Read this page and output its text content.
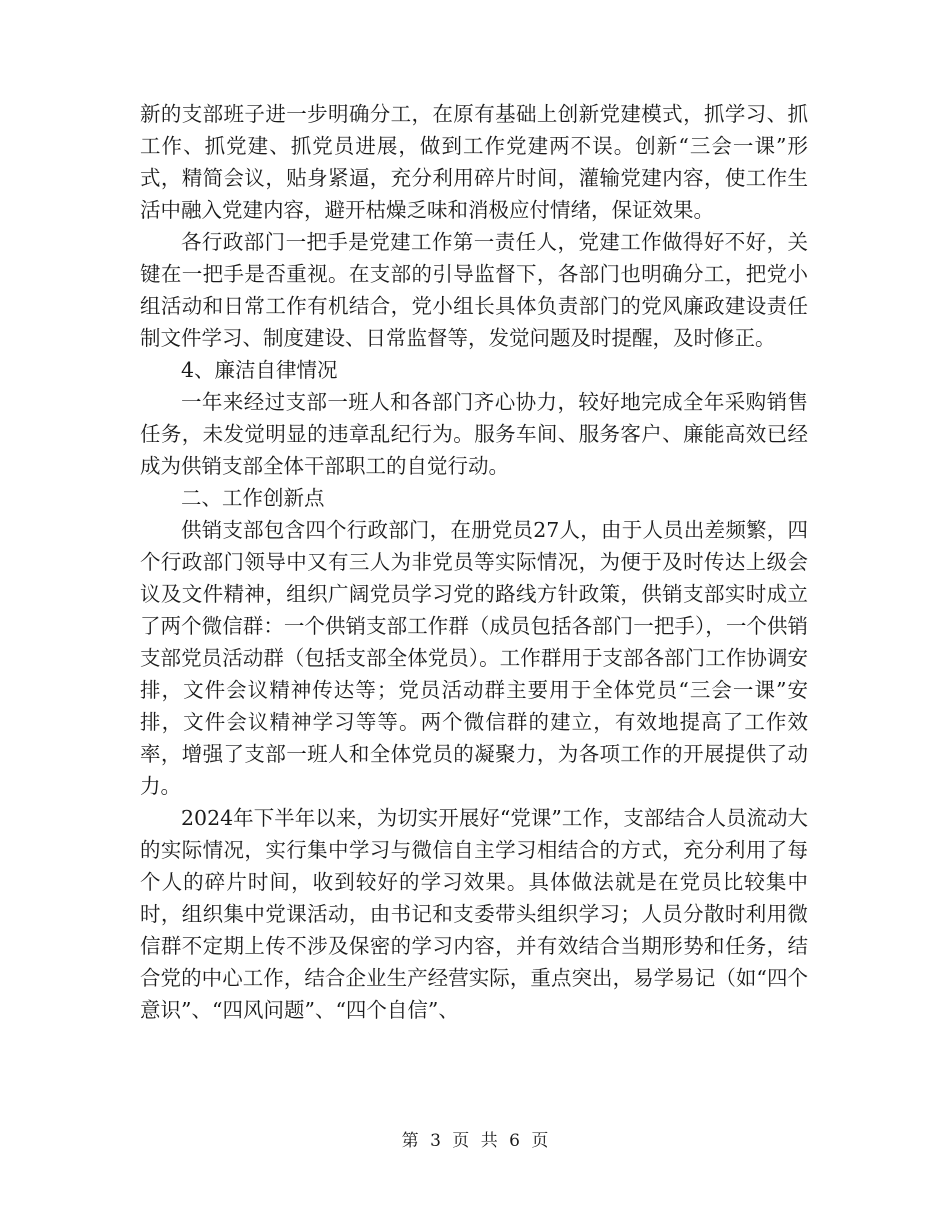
新的支部班子进一步明确分工，在原有基础上创新党建模式，抓学习、抓工作、抓党建、抓党员进展，做到工作党建两不误。创新“三会一课”形式，精简会议，贴身紧逼，充分利用碎片时间，灌输党建内容，使工作生活中融入党建内容，避开枯燥乏味和消极应付情绪，保证效果。

各行政部门一把手是党建工作第一责任人，党建工作做得好不好，关键在一把手是否重视。在支部的引导监督下，各部门也明确分工，把党小组活动和日常工作有机结合，党小组长具体负责部门的党风廉政建设责任制文件学习、制度建设、日常监督等，发觉问题及时提醒，及时修正。

4、廉洁自律情况

一年来经过支部一班人和各部门齐心协力，较好地完成全年采购销售任务，未发觉明显的违章乱纪行为。服务车间、服务客户、廉能高效已经成为供销支部全体干部职工的自觉行动。

二、工作创新点

供销支部包含四个行政部门，在册党员27人，由于人员出差频繁，四个行政部门领导中又有三人为非党员等实际情况，为便于及时传达上级会议及文件精神，组织广阔党员学习党的路线方针政策，供销支部实时成立了两个微信群：一个供销支部工作群（成员包括各部门一把手），一个供销支部党员活动群（包括支部全体党员）。工作群用于支部各部门工作协调安排，文件会议精神传达等；党员活动群主要用于全体党员“三会一课”安排，文件会议精神学习等等。两个微信群的建立，有效地提高了工作效率，增强了支部一班人和全体党员的凝聚力，为各项工作的开展提供了动力。

2024年下半年以来，为切实开展好“党课”工作，支部结合人员流动大的实际情况，实行集中学习与微信自主学习相结合的方式，充分利用了每个人的碎片时间，收到较好的学习效果。具体做法就是在党员比较集中时，组织集中党课活动，由书记和支委带头组织学习；人员分散时利用微信群不定期上传不涉及保密的学习内容，并有效结合当期形势和任务，结合党的中心工作，结合企业生产经营实际，重点突出，易学易记（如“四个意识”、“四风问题”、“四个自信”、

第 3 页 共 6 页
